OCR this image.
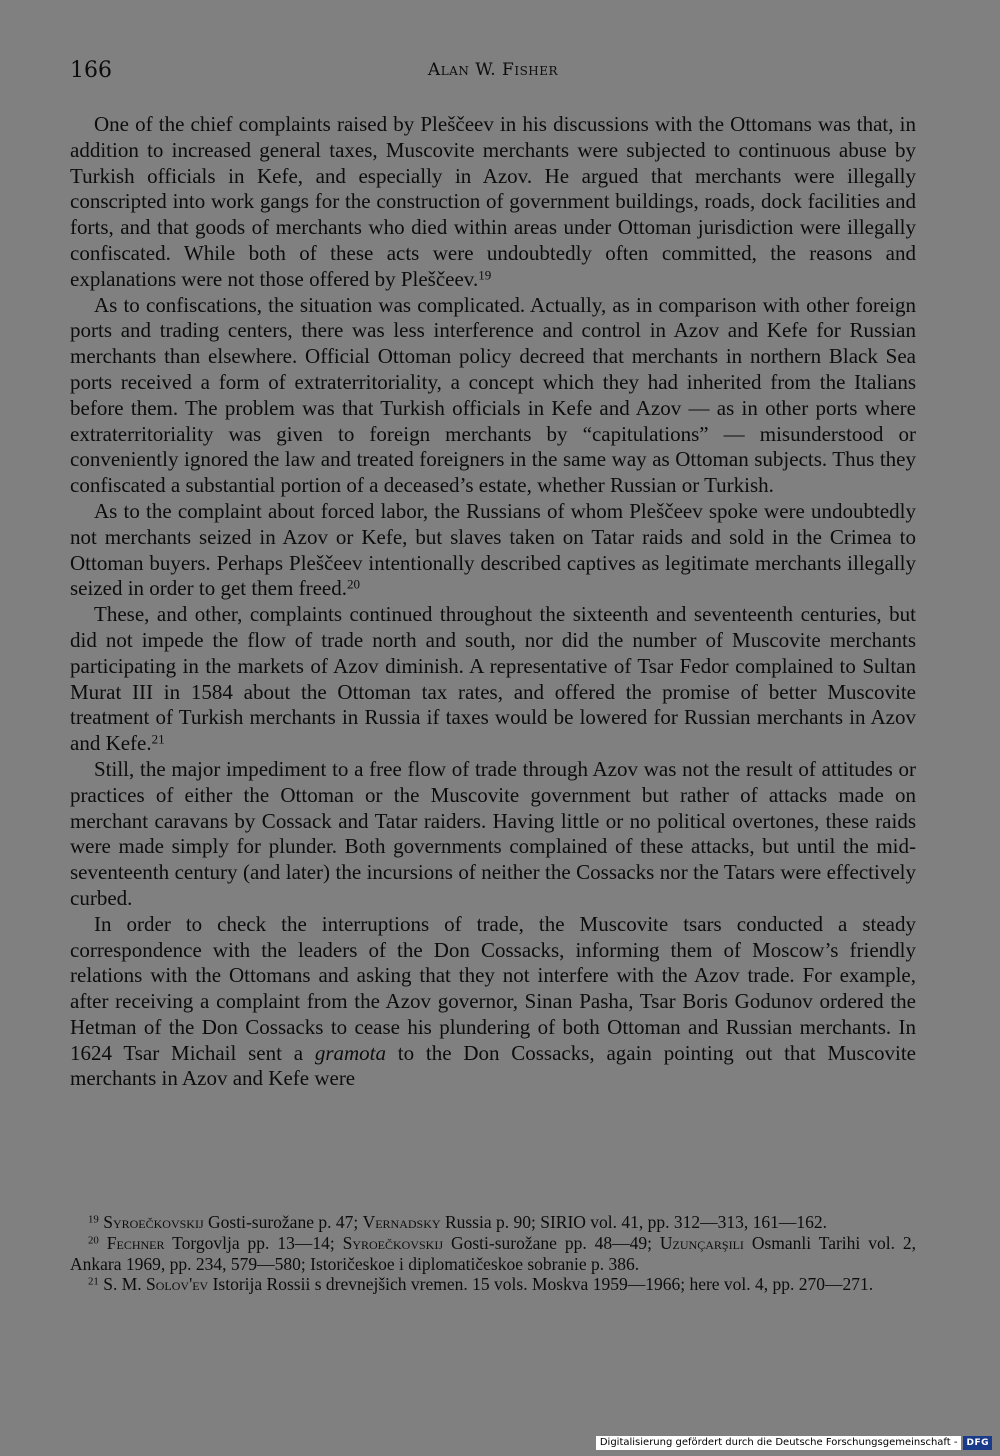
166	Alan W. Fisher

One of the chief complaints raised by Pleščeev in his discussions with the Ottomans was that, in addition to increased general taxes, Muscovite merchants were subjected to continuous abuse by Turkish officials in Kefe, and especially in Azov. He argued that merchants were illegally conscripted into work gangs for the construction of government buildings, roads, dock facilities and forts, and that goods of merchants who died within areas under Ottoman jurisdiction were illegally confiscated. While both of these acts were undoubtedly often committed, the reasons and explanations were not those offered by Pleščeev.$^{19}$

As to confiscations, the situation was complicated. Actually, as in comparison with other foreign ports and trading centers, there was less interference and control in Azov and Kefe for Russian merchants than elsewhere. Official Ottoman policy decreed that merchants in northern Black Sea ports received a form of extraterritoriality, a concept which they had inherited from the Italians before them. The problem was that Turkish officials in Kefe and Azov — as in other ports where extraterritoriality was given to foreign merchants by “capitulations” — misunderstood or conveniently ignored the law and treated foreigners in the same way as Ottoman subjects. Thus they confiscated a substantial portion of a deceased’s estate, whether Russian or Turkish.

As to the complaint about forced labor, the Russians of whom Pleščeev spoke were undoubtedly not merchants seized in Azov or Kefe, but slaves taken on Tatar raids and sold in the Crimea to Ottoman buyers. Perhaps Pleščeev intentionally described captives as legitimate merchants illegally seized in order to get them freed.$^{20}$

These, and other, complaints continued throughout the sixteenth and seventeenth centuries, but did not impede the flow of trade north and south, nor did the number of Muscovite merchants participating in the markets of Azov diminish. A representative of Tsar Fedor complained to Sultan Murat III in 1584 about the Ottoman tax rates, and offered the promise of better Muscovite treatment of Turkish merchants in Russia if taxes would be lowered for Russian merchants in Azov and Kefe.$^{21}$

Still, the major impediment to a free flow of trade through Azov was not the result of attitudes or practices of either the Ottoman or the Muscovite government but rather of attacks made on merchant caravans by Cossack and Tatar raiders. Having little or no political overtones, these raids were made simply for plunder. Both governments complained of these attacks, but until the mid-seventeenth century (and later) the incursions of neither the Cossacks nor the Tatars were effectively curbed.

In order to check the interruptions of trade, the Muscovite tsars conducted a steady correspondence with the leaders of the Don Cossacks, informing them of Moscow’s friendly relations with the Ottomans and asking that they not interfere with the Azov trade. For example, after receiving a complaint from the Azov governor, Sinan Pasha, Tsar Boris Godunov ordered the Hetman of the Don Cossacks to cease his plundering of both Ottoman and Russian merchants. In 1624 Tsar Michail sent a gramota to the Don Cossacks, again pointing out that Muscovite merchants in Azov and Kefe were

$^{19}$ Syroečkovskij Gosti-surožane p. 47; Vernadsky Russia p. 90; SIRIO vol. 41, pp. 312—313, 161—162.

$^{20}$ Fechner Torgovlja pp. 13—14; Syroečkovskij Gosti-surožane pp. 48—49; Uzunçarşili Osmanli Tarihi vol. 2, Ankara 1969, pp. 234, 579—580; Istoričeskoe i diplomatičeskoe sobranie p. 386.

$^{21}$ S. M. Solov'ev Istorija Rossii s drevnejšich vremen. 15 vols. Moskva 1959—1966; here vol. 4, pp. 270—271.

Digitalisierung gefördert durch die Deutsche Forschungsgemeinschaft -	DFG
